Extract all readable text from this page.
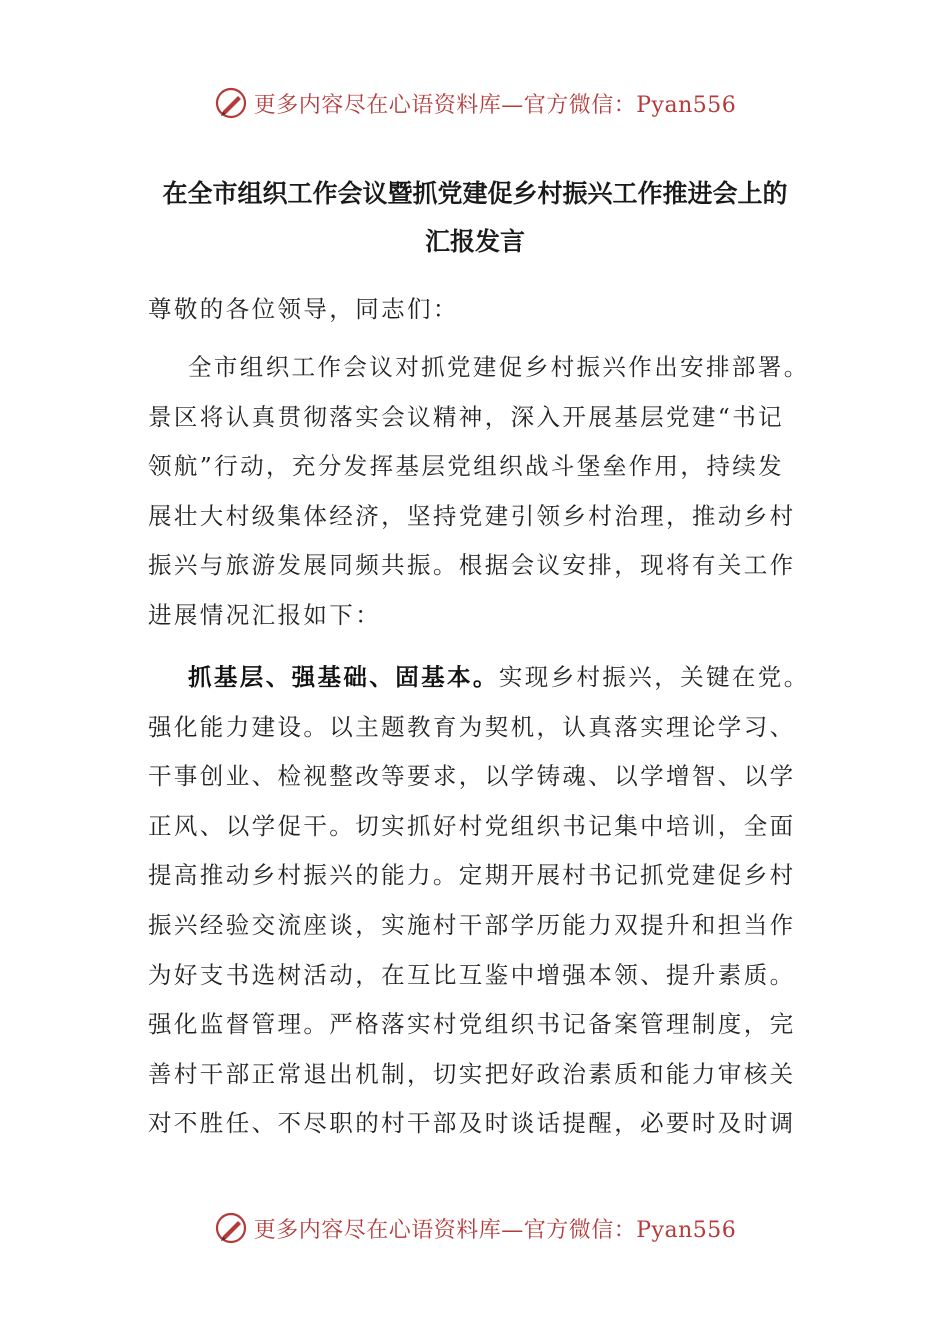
更多内容尽在心语资料库—官方微信：Pyan556
在全市组织工作会议暨抓党建促乡村振兴工作推进会上的
汇报发言
尊敬的各位领导，同志们：
全市组织工作会议对抓党建促乡村振兴作出安排部署。
景区将认真贯彻落实会议精神，深入开展基层党建“书记
领航”行动，充分发挥基层党组织战斗堡垒作用，持续发
展壮大村级集体经济，坚持党建引领乡村治理，推动乡村
振兴与旅游发展同频共振。根据会议安排，现将有关工作
进展情况汇报如下：
抓基层、强基础、固基本。实现乡村振兴，关键在党。
强化能力建设。以主题教育为契机，认真落实理论学习、
干事创业、检视整改等要求，以学铸魂、以学增智、以学
正风、以学促干。切实抓好村党组织书记集中培训，全面
提高推动乡村振兴的能力。定期开展村书记抓党建促乡村
振兴经验交流座谈，实施村干部学历能力双提升和担当作
为好支书选树活动，在互比互鉴中增强本领、提升素质。
强化监督管理。严格落实村党组织书记备案管理制度，完
善村干部正常退出机制，切实把好政治素质和能力审核关
对不胜任、不尽职的村干部及时谈话提醒，必要时及时调
更多内容尽在心语资料库—官方微信：Pyan556
